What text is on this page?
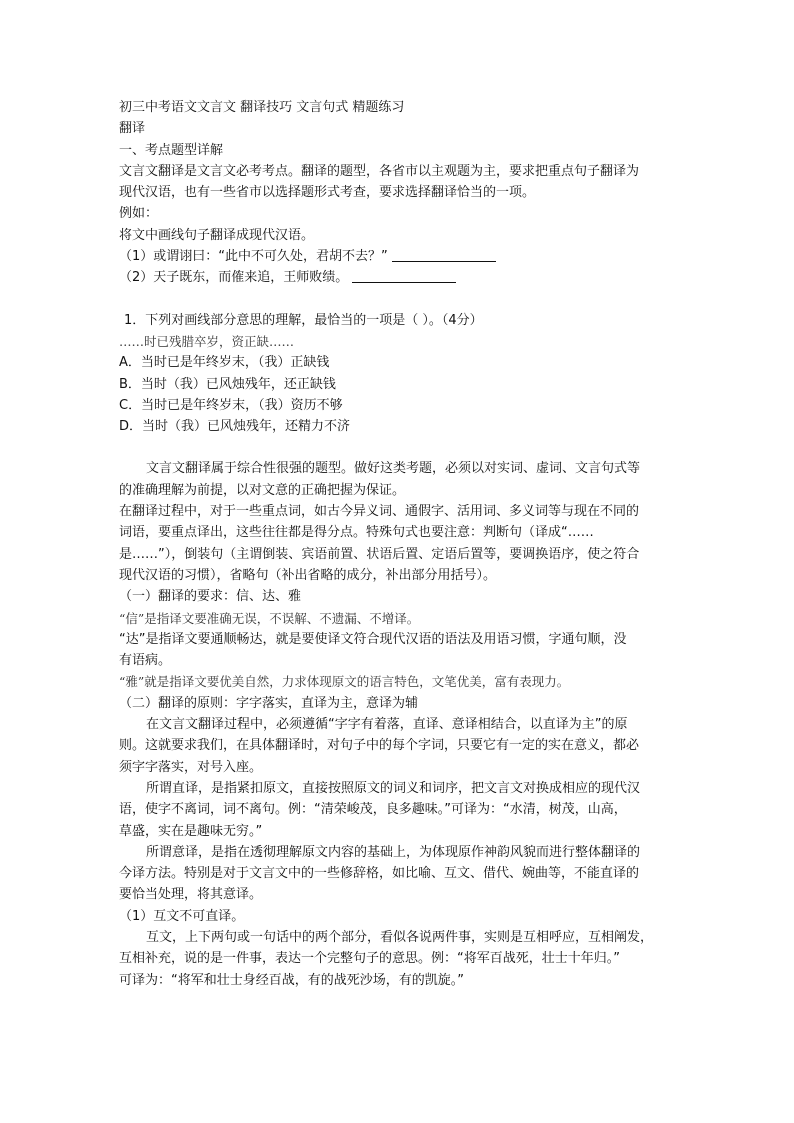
初三中考语文文言文 翻译技巧 文言句式 精题练习

翻译

一、考点题型详解

文言文翻译是文言文必考考点。翻译的题型，各省市以主观题为主，要求把重点句子翻译为

现代汉语，也有一些省市以选择题形式考查，要求选择翻译恰当的一项。

例如：

将文中画线句子翻译成现代汉语。

（1）或谓诩曰：“此中不可久处，君胡不去？”

（2）天子既东，而傕来追，王师败绩。

1．下列对画线部分意思的理解，最恰当的一项是（ ）。（4分）

……时已残腊卒岁，资正缺……

A．当时已是年终岁末，（我）正缺钱

B．当时（我）已风烛残年，还正缺钱

C．当时已是年终岁末，（我）资历不够

D．当时（我）已风烛残年，还精力不济

文言文翻译属于综合性很强的题型。做好这类考题，必须以对实词、虚词、文言句式等

的准确理解为前提，以对文意的正确把握为保证。

在翻译过程中，对于一些重点词，如古今异义词、通假字、活用词、多义词等与现在不同的

词语，要重点译出，这些往往都是得分点。特殊句式也要注意：判断句（译成“……

是……”），倒装句（主谓倒装、宾语前置、状语后置、定语后置等，要调换语序，使之符合

现代汉语的习惯），省略句（补出省略的成分，补出部分用括号）。

（一）翻译的要求：信、达、雅

“信”是指译文要准确无误，不误解、不遗漏、不增译。

“达”是指译文要通顺畅达，就是要使译文符合现代汉语的语法及用语习惯，字通句顺，没

有语病。

“雅”就是指译文要优美自然，力求体现原文的语言特色，文笔优美，富有表现力。

（二）翻译的原则：字字落实，直译为主，意译为辅

在文言文翻译过程中，必须遵循“字字有着落，直译、意译相结合，以直译为主”的原

则。这就要求我们，在具体翻译时，对句子中的每个字词，只要它有一定的实在意义，都必

须字字落实，对号入座。

所谓直译，是指紧扣原文，直接按照原文的词义和词序，把文言文对换成相应的现代汉

语，使字不离词，词不离句。例：“清荣峻茂，良多趣味。”可译为：“水清，树茂，山高，

草盛，实在是趣味无穷。”

所谓意译，是指在透彻理解原文内容的基础上，为体现原作神韵风貌而进行整体翻译的

今译方法。特别是对于文言文中的一些修辞格，如比喻、互文、借代、婉曲等，不能直译的

要恰当处理，将其意译。

（1）互文不可直译。

互文，上下两句或一句话中的两个部分，看似各说两件事，实则是互相呼应，互相阐发，

互相补充，说的是一件事，表达一个完整句子的意思。例：“将军百战死，壮士十年归。”

可译为：“将军和壮士身经百战，有的战死沙场，有的凯旋。”
